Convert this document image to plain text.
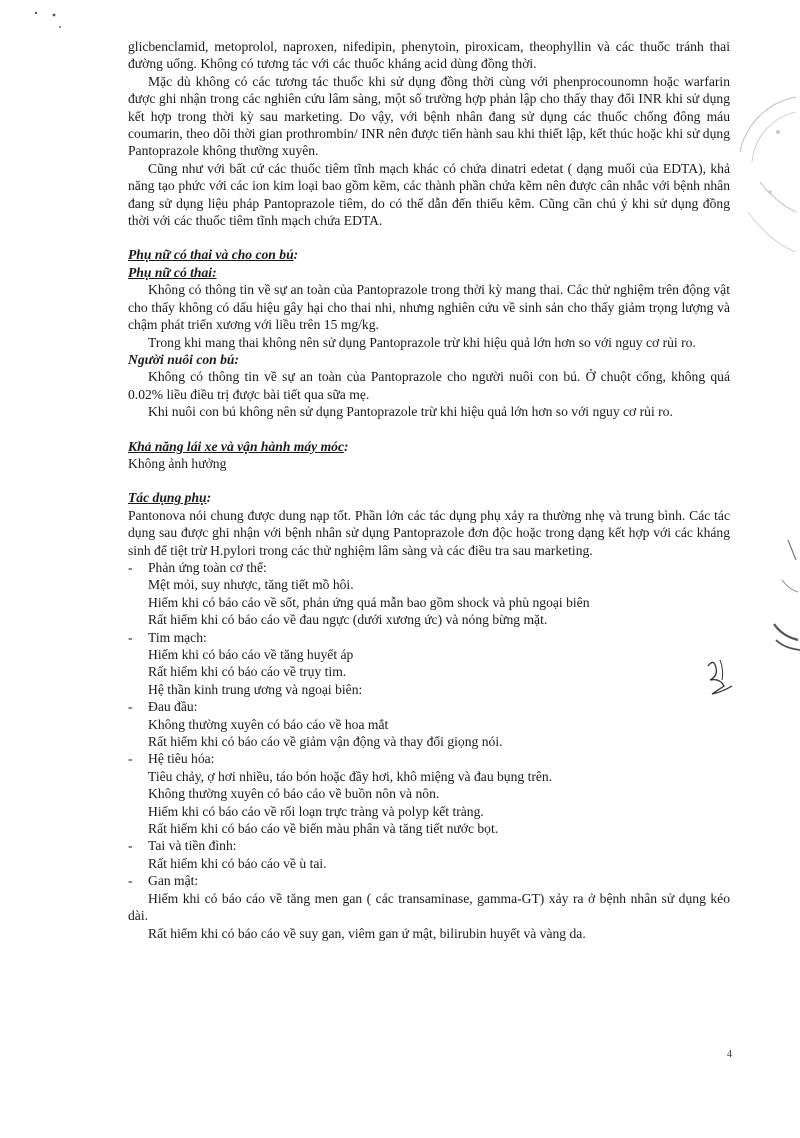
glicbenclamid, metoprolol, naproxen, nifedipin, phenytoin, piroxicam, theophyllin và các thuốc tránh thai đường uống. Không có tương tác với các thuốc kháng acid dùng đồng thời.

Mặc dù không có các tương tác thuốc khi sử dụng đồng thời cùng với phenprocounomn hoặc warfarin được ghi nhận trong các nghiên cứu lâm sàng, một số trường hợp phản lập cho thấy thay đổi INR khi sử dụng kết hợp trong thời kỳ sau marketing. Do vậy, với bệnh nhân đang sử dụng các thuốc chống đông máu coumarin, theo dõi thời gian prothrombin/ INR nên được tiến hành sau khi thiết lập, kết thúc hoặc khi sử dụng Pantoprazole không thường xuyên.

Cũng như với bất cứ các thuốc tiêm tĩnh mạch khác có chứa dinatri edetat ( dạng muối của EDTA), khả năng tạo phức với các ion kim loại bao gồm kẽm, các thành phần chứa kẽm nên được cân nhắc với bệnh nhân đang sử dụng liệu pháp Pantoprazole tiêm, do có thể dẫn đến thiếu kẽm. Cũng cần chú ý khi sử dụng đồng thời với các thuốc tiêm tĩnh mạch chứa EDTA.

Phụ nữ có thai và cho con bú:

Phụ nữ có thai:

Không có thông tin về sự an toàn của Pantoprazole trong thời kỳ mang thai. Các thử nghiệm trên động vật cho thấy không có dấu hiệu gây hại cho thai nhi, nhưng nghiên cứu về sinh sản cho thấy giảm trọng lượng và chậm phát triển xương với liều trên 15 mg/kg.

Trong khi mang thai không nên sử dụng Pantoprazole trừ khi hiệu quả lớn hơn so với nguy cơ rủi ro.

Người nuôi con bú:

Không có thông tin về sự an toàn của Pantoprazole cho người nuôi con bú. Ở chuột cống, không quá 0.02% liều điều trị được bài tiết qua sữa mẹ.

Khi nuôi con bú không nên sử dụng Pantoprazole trừ khi hiệu quả lớn hơn so với nguy cơ rủi ro.

Khả năng lái xe và vận hành máy móc:

Không ảnh hưởng

Tác dụng phụ:

Pantonova nói chung được dung nạp tốt. Phần lớn các tác dụng phụ xảy ra thường nhẹ và trung bình. Các tác dụng sau được ghi nhận với bệnh nhân sử dụng Pantoprazole đơn độc hoặc trong dạng kết hợp với các kháng sinh để tiệt trừ H.pylori trong các thử nghiệm lâm sàng và các điều tra sau marketing.

- Phản ứng toàn cơ thể:

Mệt mỏi, suy nhược, tăng tiết mồ hôi.

Hiếm khi có báo cáo về sốt, phản ứng quá mẫn bao gồm shock và phù ngoại biên

Rất hiếm khi có báo cáo về đau ngực (dưới xương ức) và nóng bừng mặt.

- Tim mạch:

Hiếm khi có báo cáo về tăng huyết áp

Rất hiếm khi có báo cáo về trụy tim.

Hệ thần kinh trung ương và ngoại biên:

- Đau đầu:

Không thường xuyên có báo cáo về hoa mắt

Rất hiếm khi có báo cáo về giảm vận động và thay đổi giọng nói.

- Hệ tiêu hóa:

Tiêu chảy, ợ hơi nhiều, táo bón hoặc đầy hơi, khô miệng và đau bụng trên.

Không thường xuyên có báo cáo về buồn nôn và nôn.

Hiếm khi có báo cáo về rối loạn trực tràng và polyp kết tràng.

Rất hiếm khi có báo cáo về biến màu phân và tăng tiết nước bọt.

- Tai và tiền đình:

Rất hiếm khi có báo cáo về ù tai.

- Gan mật:

Hiếm khi có báo cáo về tăng men gan ( các transaminase, gamma-GT) xảy ra ở bệnh nhân sử dụng kéo dài.

Rất hiếm khi có báo cáo về suy gan, viêm gan ứ mật, bilirubin huyết và vàng da.

4
